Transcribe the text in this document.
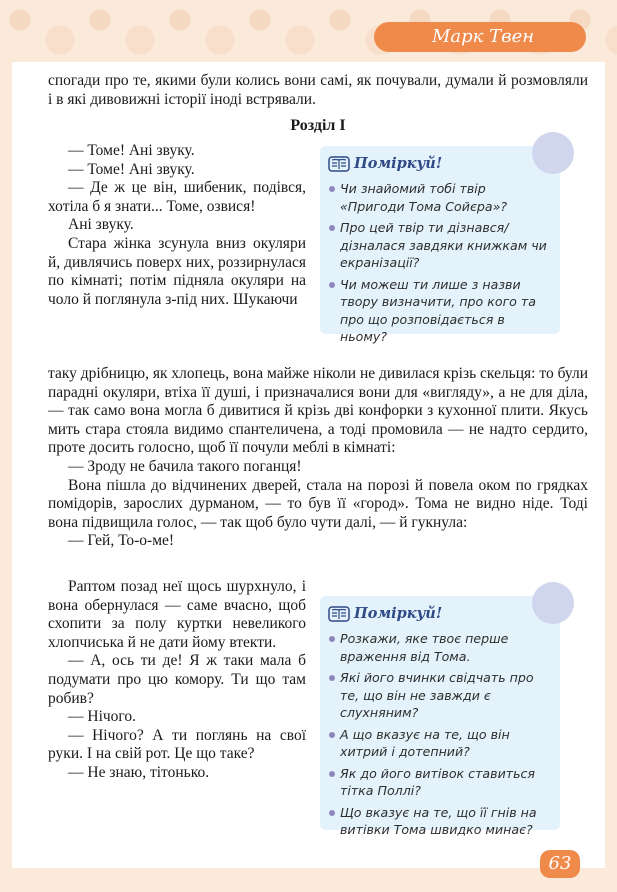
Марк Твен
спогади про те, якими були колись вони самі, як почували, думали й розмовляли і в які дивовижні історії іноді встрявали.
Розділ I
— Томе! Ані звуку.
— Томе! Ані звуку.
— Де ж це він, шибеник, подівся, хотіла б я знати... Томе, озвися!
Ані звуку.
Стара жінка зсунула вниз окуляри й, дивлячись поверх них, роззирнулася по кімнаті; потім підняла окуляри на чоло й поглянула з-під них. Шукаючи
Поміркуй!
Чи знайомий тобі твір «Пригоди Тома Сойєра»?
Про цей твір ти дізнався/ дізналася завдяки книжкам чи екранізації?
Чи можеш ти лише з назви твору визначити, про кого та про що розповідається в ньому?
таку дрібницю, як хлопець, вона майже ніколи не дивилася крізь скельця: то були парадні окуляри, втіха її душі, і призначалися вони для «вигляду», а не для діла, — так само вона могла б дивитися й крізь дві конфорки з кухонної плити. Якусь мить стара стояла видимо спантеличена, а тоді промовила — не надто сердито, проте досить голосно, щоб її почули меблі в кімнаті:
— Зроду не бачила такого поганця!
Вона пішла до відчинених дверей, стала на порозі й повела оком по грядках помідорів, зарослих дурманом, — то був її «город». Тома не видно ніде. Тоді вона підвищила голос, — так щоб було чути далі, — й гукнула:
— Гей, То-о-ме!
Раптом позад неї щось шурхнуло, і вона обернулася — саме вчасно, щоб схопити за полу куртки невеликого хлопчиська й не дати йому втекти.
— А, ось ти де! Я ж таки мала б подумати про цю комору. Ти що там робив?
— Нічого.
— Нічого? А ти поглянь на свої руки. І на свій рот. Це що таке?
— Не знаю, тітонько.
Поміркуй!
Розкажи, яке твоє перше враження від Тома.
Які його вчинки свідчать про те, що він не завжди є слухняним?
А що вказує на те, що він хитрий і дотепний?
Як до його витівок ставиться тітка Поллі?
Що вказує на те, що її гнів на витівки Тома швидко минає?
63
